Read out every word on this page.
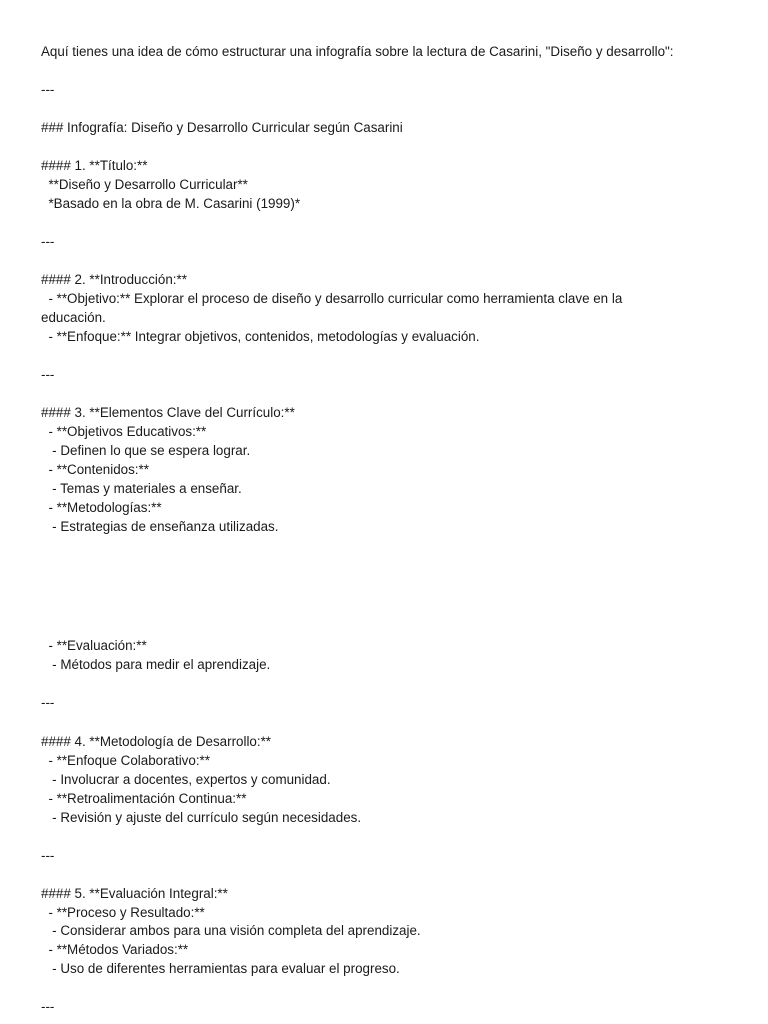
Aquí tienes una idea de cómo estructurar una infografía sobre la lectura de Casarini, "Diseño y desarrollo":
---
### Infografía: Diseño y Desarrollo Curricular según Casarini
#### 1. **Título:**
**Diseño y Desarrollo Curricular**
*Basado en la obra de M. Casarini (1999)*
---
#### 2. **Introducción:**
- **Objetivo:** Explorar el proceso de diseño y desarrollo curricular como herramienta clave en la
educación.
- **Enfoque:** Integrar objetivos, contenidos, metodologías y evaluación.
---
#### 3. **Elementos Clave del Currículo:**
- **Objetivos Educativos:**
- Definen lo que se espera lograr.
- **Contenidos:**
- Temas y materiales a enseñar.
- **Metodologías:**
- Estrategias de enseñanza utilizadas.
- **Evaluación:**
- Métodos para medir el aprendizaje.
---
#### 4. **Metodología de Desarrollo:**
- **Enfoque Colaborativo:**
- Involucrar a docentes, expertos y comunidad.
- **Retroalimentación Continua:**
- Revisión y ajuste del currículo según necesidades.
---
#### 5. **Evaluación Integral:**
- **Proceso y Resultado:**
- Considerar ambos para una visión completa del aprendizaje.
- **Métodos Variados:**
- Uso de diferentes herramientas para evaluar el progreso.
---
